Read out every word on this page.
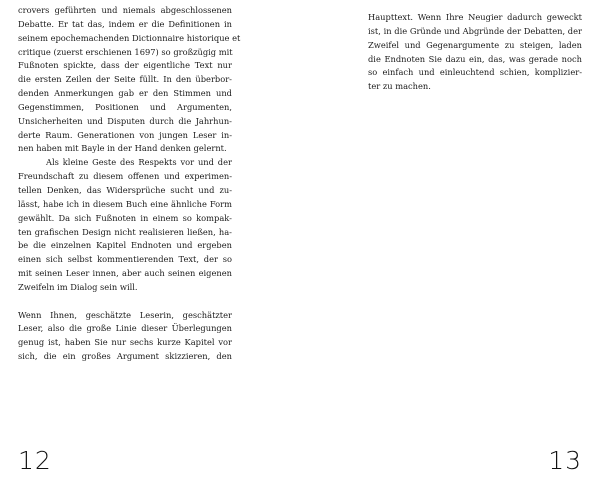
crovers geführten und niemals abgeschlossenen
Debatte. Er tat das, indem er die Definitionen in
seinem epochemachenden Dictionnaire historique et
critique (zuerst erschienen 1697) so großzügig mit
Fußnoten spickte, dass der eigentliche Text nur
die ersten Zeilen der Seite füllt. In den überbor-
denden Anmerkungen gab er den Stimmen und
Gegenstimmen, Positionen und Argumenten,
Unsicherheiten und Disputen durch die Jahrhun-
derte Raum. Generationen von jungen Leser in-
nen haben mit Bayle in der Hand denken gelernt.
Als kleine Geste des Respekts vor und der
Freundschaft zu diesem offenen und experimen-
tellen Denken, das Widersprüche sucht und zu-
lässt, habe ich in diesem Buch eine ähnliche Form
gewählt. Da sich Fußnoten in einem so kompak-
ten grafischen Design nicht realisieren ließen, ha-
be die einzelnen Kapitel Endnoten und ergeben
einen sich selbst kommentierenden Text, der so
mit seinen Leser innen, aber auch seinen eigenen
Zweifeln im Dialog sein will.
Wenn Ihnen, geschätzte Leserin, geschätzter
Leser, also die große Linie dieser Überlegungen
genug ist, haben Sie nur sechs kurze Kapitel vor
sich, die ein großes Argument skizzieren, den
12
Haupttext. Wenn Ihre Neugier dadurch geweckt
ist, in die Gründe und Abgründe der Debatten, der
Zweifel und Gegenargumente zu steigen, laden
die Endnoten Sie dazu ein, das, was gerade noch
so einfach und einleuchtend schien, komplizier-
ter zu machen.
13
